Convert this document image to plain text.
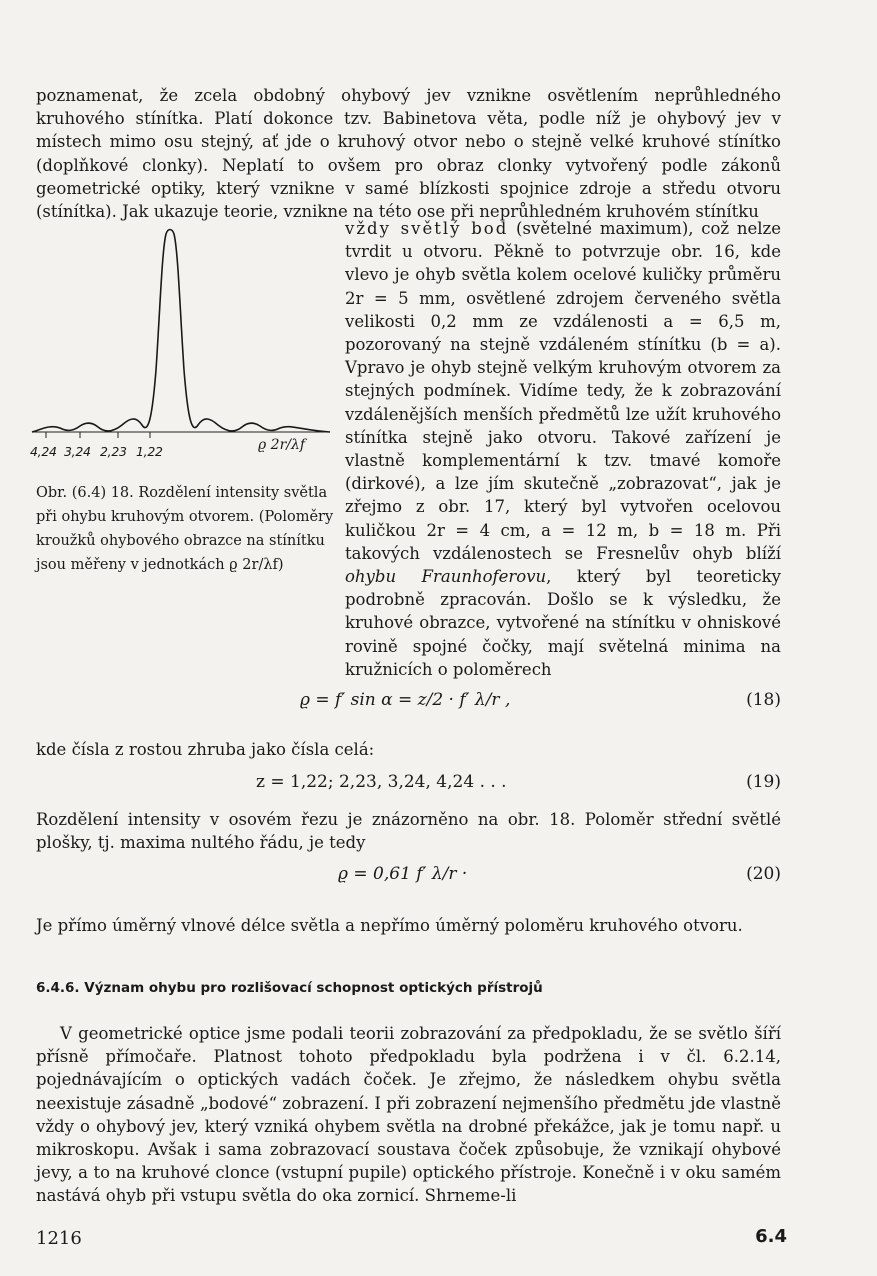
poznamenat, že zcela obdobný ohybový jev vznikne osvětlením neprůhledného kruhového stínítka. Platí dokonce tzv. Babinetova věta, podle níž je ohybový jev v místech mimo osu stejný, ať jde o kruhový otvor nebo o stejně velké kruhové stínítko (doplňkové clonky). Neplatí to ovšem pro obraz clonky vytvořený podle zákonů geometrické optiky, který vznikne v samé blízkosti spojnice zdroje a středu otvoru (stínítka). Jak ukazuje teorie, vznikne na této ose při neprůhledném kruhovém stínítku

4,24 3,24 2,23 1,22	ϱ 2r/λf

Obr. (6.4) 18. Rozdělení intensity světla při ohybu kruhovým otvorem. (Poloměry kroužků ohybového obrazce na stínítku jsou měřeny v jednotkách ϱ 2r/λf)

vždy světlý bod (světelné maximum), což nelze tvrdit u otvoru. Pěkně to potvrzuje obr. 16, kde vlevo je ohyb světla kolem ocelové kuličky průměru 2r = 5 mm, osvětlené zdrojem červeného světla velikosti 0,2 mm ze vzdálenosti a = 6,5 m, pozorovaný na stejně vzdáleném stínítku (b = a). Vpravo je ohyb stejně velkým kruhovým otvorem za stejných podmínek. Vidíme tedy, že k zobrazování vzdálenějších menších předmětů lze užít kruhového stínítka stejně jako otvoru. Takové zařízení je vlastně komplementární k tzv. tmavé komoře (dirkové), a lze jím skutečně „zobrazovat“, jak je zřejmo z obr. 17, který byl vytvořen ocelovou kuličkou 2r = 4 cm, a = 12 m, b = 18 m. Při takových vzdálenostech se Fresnelův ohyb blíží ohybu Fraunhoferovu, který byl teoreticky podrobně zpracován. Došlo se k výsledku, že kruhové obrazce, vytvořené na stínítku v ohniskové rovině spojné čočky, mají světelná minima na kružnicích o poloměrech

ϱ = f′ sin α = z/2 · f′ λ/r ,	(18)

kde čísla z rostou zhruba jako čísla celá:

z = 1,22; 2,23, 3,24, 4,24 . . .	(19)

Rozdělení intensity v osovém řezu je znázorněno na obr. 18. Poloměr střední světlé plošky, tj. maxima nultého řádu, je tedy

ϱ = 0,61 f′ λ/r ·	(20)

Je přímo úměrný vlnové délce světla a nepřímo úměrný poloměru kruhového otvoru.

6.4.6. Význam ohybu pro rozlišovací schopnost optických přístrojů

V geometrické optice jsme podali teorii zobrazování za předpokladu, že se světlo šíří přísně přímočaře. Platnost tohoto předpokladu byla podržena i v čl. 6.2.14, pojednávajícím o optických vadách čoček. Je zřejmo, že následkem ohybu světla neexistuje zásadně „bodové“ zobrazení. I při zobrazení nejmenšího předmětu jde vlastně vždy o ohybový jev, který vzniká ohybem světla na drobné překážce, jak je tomu např. u mikroskopu. Avšak i sama zobrazovací soustava čoček způsobuje, že vznikají ohybové jevy, a to na kruhové clonce (vstupní pupile) optického přístroje. Konečně i v oku samém nastává ohyb při vstupu světla do oka zornicí. Shrneme-li

1216	6.4
